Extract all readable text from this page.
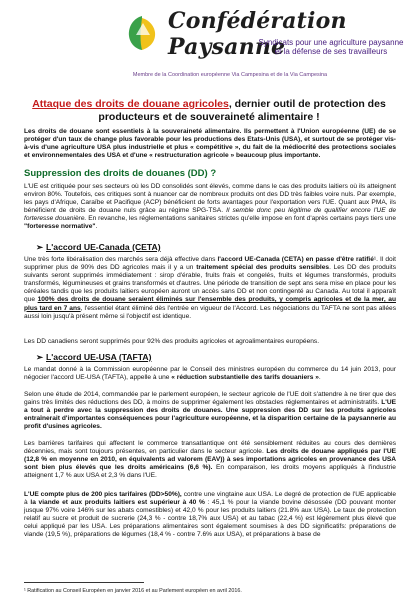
Confédération Paysanne
Syndicats pour une agriculture paysanne et la défense de ses travailleurs
Membre de la Coordination européenne Via Campesina et de la Via Campesina
Attaque des droits de douane agricoles, dernier outil de protection des producteurs et de souveraineté alimentaire !
Les droits de douane sont essentiels à la souveraineté alimentaire. Ils permettent à l'Union européenne (UE) de se protéger d'un taux de change plus favorable pour les productions des Etats-Unis (USA), et surtout de se protéger vis-à-vis d'une agriculture USA plus industrielle et plus « compétitive », du fait de la médiocrité des protections sociales et environnementales des USA et d'une « restructuration agricole » beaucoup plus importante.
Suppression des droits de douanes (DD) ?
L'UE est critiquée pour ses secteurs où les DD consolidés sont élevés, comme dans le cas des produits laitiers où ils atteignent environ 80%. Toutefois, ces critiques sont à nuancer car de nombreux produits ont des DD très faibles voire nuls. Par exemple, les pays d'Afrique, Caraïbe et Pacifique (ACP) bénéficient de forts avantages pour l'exportation vers l'UE. Quant aux PMA, ils bénéficient de droits de douane nuls grâce au régime SPG-TSA. Il semble donc peu légitime de qualifier encore l'UE de forteresse douanière. En revanche, les réglementations sanitaires strictes qu'elle impose en font d'après certains pays tiers une "forteresse normative".
➢ L'accord UE-Canada (CETA)
Une très forte libéralisation des marchés sera déjà effective dans l'accord UE-Canada (CETA) en passe d'être ratifié¹. Il doit supprimer plus de 90% des DD agricoles mais il y a un traitement spécial des produits sensibles. Les DD des produits suivants seront supprimés immédiatement : sirop d'érable, fruits frais et congelés, fruits et légumes transformés, produits transformés, légumineuses et grains transformés et d'autres. Une période de transition de sept ans sera mise en place pour les céréales tandis que les produits laitiers européen auront un accès sans DD et non contingenté au Canada. Au total il apparaît que 100% des droits de douane seraient éliminés sur l'ensemble des produits, y compris agricoles et de la mer, au plus tard en 7 ans, l'essentiel étant éliminé dès l'entrée en vigueur de l'Accord. Les négociations du TAFTA ne sont pas allées aussi loin jusqu'à présent même si l'objectif est identique.
Les DD canadiens seront supprimés pour 92% des produits agricoles et agroalimentaires européens.
➢ L'accord UE-USA (TAFTA)
Le mandat donné à la Commission européenne par le Conseil des ministres européen du commerce du 14 juin 2013, pour négocier l'accord UE-USA (TAFTA), appelle à une « réduction substantielle des tarifs douaniers ».
Selon une étude de 2014, commandée par le parlement européen, le secteur agricole de l'UE doit s'attendre à ne tirer que des gains très limités des réductions des DD, à moins de supprimer également les obstacles réglementaires et administratifs. L'UE a tout à perdre avec la suppression des droits de douanes. Une suppression des DD sur les produits agricoles entraînerait d'importantes conséquences pour l'agriculture européenne, et la disparition certaine de la paysannerie au profit d'usines agricoles.
Les barrières tarifaires qui affectent le commerce transatlantique ont été sensiblement réduites au cours des dernières décennies, mais sont toujours présentes, en particulier dans le secteur agricole. Les droits de douane appliqués par l'UE (12,8 % en moyenne en 2010, en équivalents ad valorem (EAV)) à ses importations agricoles en provenance des USA sont bien plus élevés que les droits américains (6,6 %). En comparaison, les droits moyens appliqués à l'industrie atteignent 1,7 % aux USA et 2,3 % dans l'UE.
L'UE compte plus de 200 pics tarifaires (DD>50%), contre une vingtaine aux USA. Le degré de protection de l'UE applicable à la viande et aux produits laitiers est supérieur à 40 % : 45,1 % pour la viande bovine désossée (DD pouvant monter jusque 97% voire 146% sur les abats comestibles) et 42,0 % pour les produits laitiers (21.8% aux USA). Le taux de protection relatif au sucre et produit de sucrerie (24,3 % - contre 18,7% aux USA) et au tabac (22,4 %) est légèrement plus élevé que celui appliqué par les USA. Les préparations alimentaires sont également soumises à des DD significatifs: préparations de viande (19,5 %), préparations de légumes (18,4 % - contre 7.6% aux USA), et préparations à base de
¹ Ratification au Conseil Européen en janvier 2016 et au Parlement européen en avril 2016.
